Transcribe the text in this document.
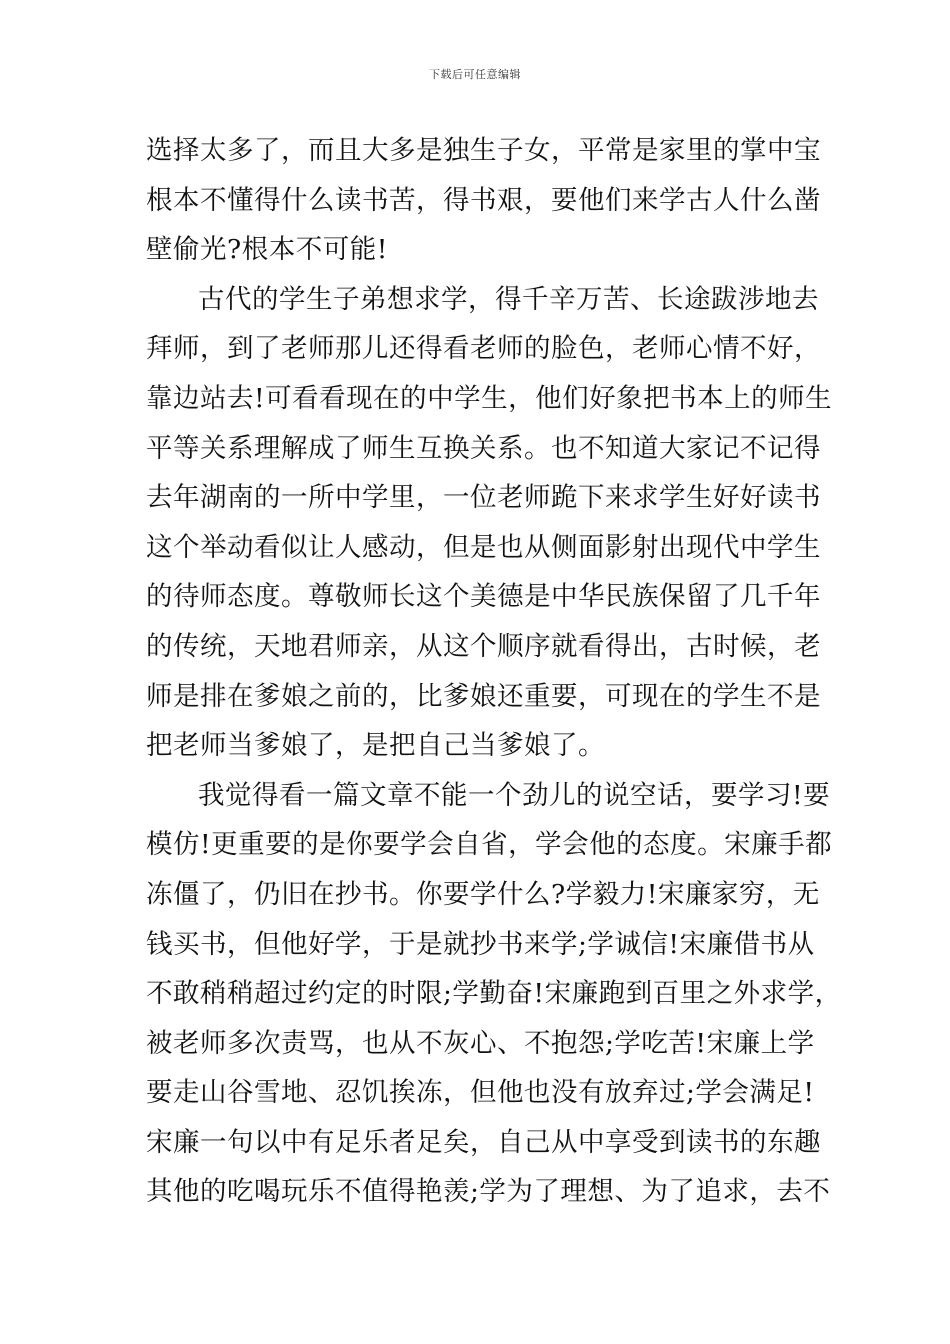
下载后可任意编辑
选择太多了，而且大多是独生子女，平常是家里的掌中宝
根本不懂得什么读书苦，得书艰，要他们来学古人什么凿
壁偷光?根本不可能!
古代的学生子弟想求学，得千辛万苦、长途跋涉地去
拜师，到了老师那儿还得看老师的脸色，老师心情不好，
靠边站去!可看看现在的中学生，他们好象把书本上的师生
平等关系理解成了师生互换关系。也不知道大家记不记得
去年湖南的一所中学里，一位老师跪下来求学生好好读书
这个举动看似让人感动，但是也从侧面影射出现代中学生
的待师态度。尊敬师长这个美德是中华民族保留了几千年
的传统，天地君师亲，从这个顺序就看得出，古时候，老
师是排在爹娘之前的，比爹娘还重要，可现在的学生不是
把老师当爹娘了，是把自己当爹娘了。
我觉得看一篇文章不能一个劲儿的说空话，要学习!要
模仿!更重要的是你要学会自省，学会他的态度。宋廉手都
冻僵了，仍旧在抄书。你要学什么?学毅力!宋廉家穷，无
钱买书，但他好学，于是就抄书来学;学诚信!宋廉借书从
不敢稍稍超过约定的时限;学勤奋!宋廉跑到百里之外求学，
被老师多次责骂，也从不灰心、不抱怨;学吃苦!宋廉上学
要走山谷雪地、忍饥挨冻，但他也没有放弃过;学会满足!
宋廉一句以中有足乐者足矣，自己从中享受到读书的东趣
其他的吃喝玩乐不值得艳羡;学为了理想、为了追求，去不
